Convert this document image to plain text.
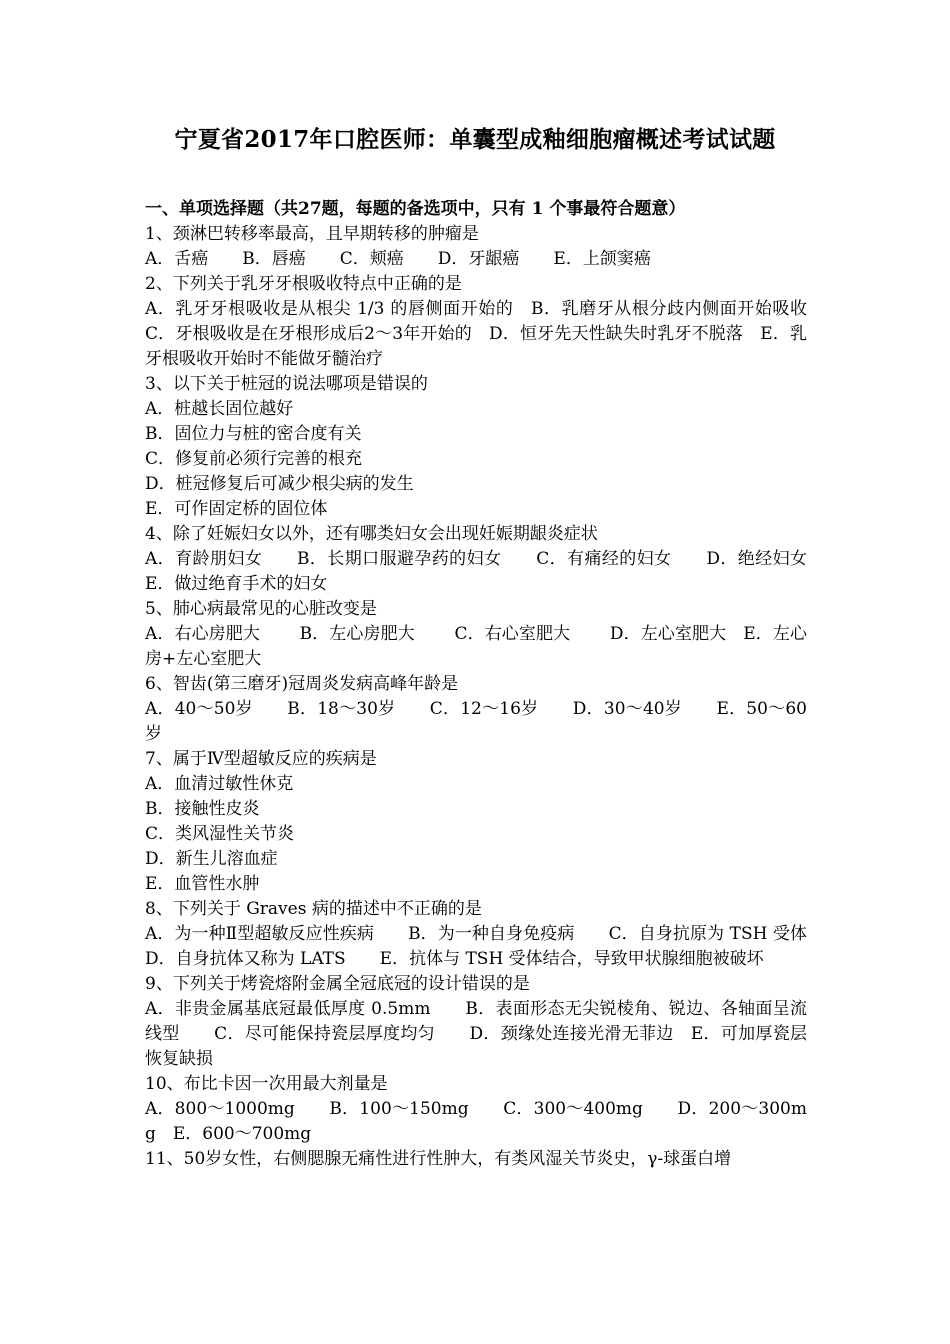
宁夏省2017年口腔医师：单囊型成釉细胞瘤概述考试试题
一、单项选择题（共27题，每题的备选项中，只有 1 个事最符合题意）
1、颈淋巴转移率最高，且早期转移的肿瘤是
A．舌癌　　B．唇癌　　C．颊癌　　D．牙龈癌　　E．上颌窦癌
2、下列关于乳牙牙根吸收特点中正确的是
A．乳牙牙根吸收是从根尖 1/3 的唇侧面开始的　B．乳磨牙从根分歧内侧面开始吸收　C．牙根吸收是在牙根形成后2～3年开始的　D．恒牙先天性缺失时乳牙不脱落　E．乳牙根吸收开始时不能做牙髓治疗
3、以下关于桩冠的说法哪项是错误的
A．桩越长固位越好
B．固位力与桩的密合度有关
C．修复前必须行完善的根充
D．桩冠修复后可减少根尖病的发生
E．可作固定桥的固位体
4、除了妊娠妇女以外，还有哪类妇女会出现妊娠期龈炎症状
A．育龄朋妇女　　B．长期口服避孕药的妇女　　C．有痛经的妇女　　D．绝经妇女　　E．做过绝育手术的妇女
5、肺心病最常见的心脏改变是
A．右心房肥大　　 B．左心房肥大　　 C．右心室肥大　　 D．左心室肥大　E．左心房+左心室肥大
6、智齿(第三磨牙)冠周炎发病高峰年龄是
A．40～50岁　　B．18～30岁　　C．12～16岁　　D．30～40岁　　E．50～60岁
7、属于Ⅳ型超敏反应的疾病是
A．血清过敏性休克
B．接触性皮炎
C．类风湿性关节炎
D．新生儿溶血症
E．血管性水肿
8、下列关于 Graves 病的描述中不正确的是
A．为一种Ⅱ型超敏反应性疾病　　B．为一种自身免疫病　　C．自身抗原为 TSH 受体　　D．自身抗体又称为 LATS　　E．抗体与 TSH 受体结合，导致甲状腺细胞被破坏
9、下列关于烤瓷熔附金属全冠底冠的设计错误的是
A．非贵金属基底冠最低厚度 0.5mm　　B．表面形态无尖锐棱角、锐边、各轴面呈流线型　　C．尽可能保持瓷层厚度均匀　　D．颈缘处连接光滑无菲边　E．可加厚瓷层恢复缺损
10、布比卡因一次用最大剂量是
A．800～1000mg　　B．100～150mg　　C．300～400mg　　D．200～300mg　E．600～700mg
11、50岁女性，右侧腮腺无痛性进行性肿大，有类风湿关节炎史，γ-球蛋白增
